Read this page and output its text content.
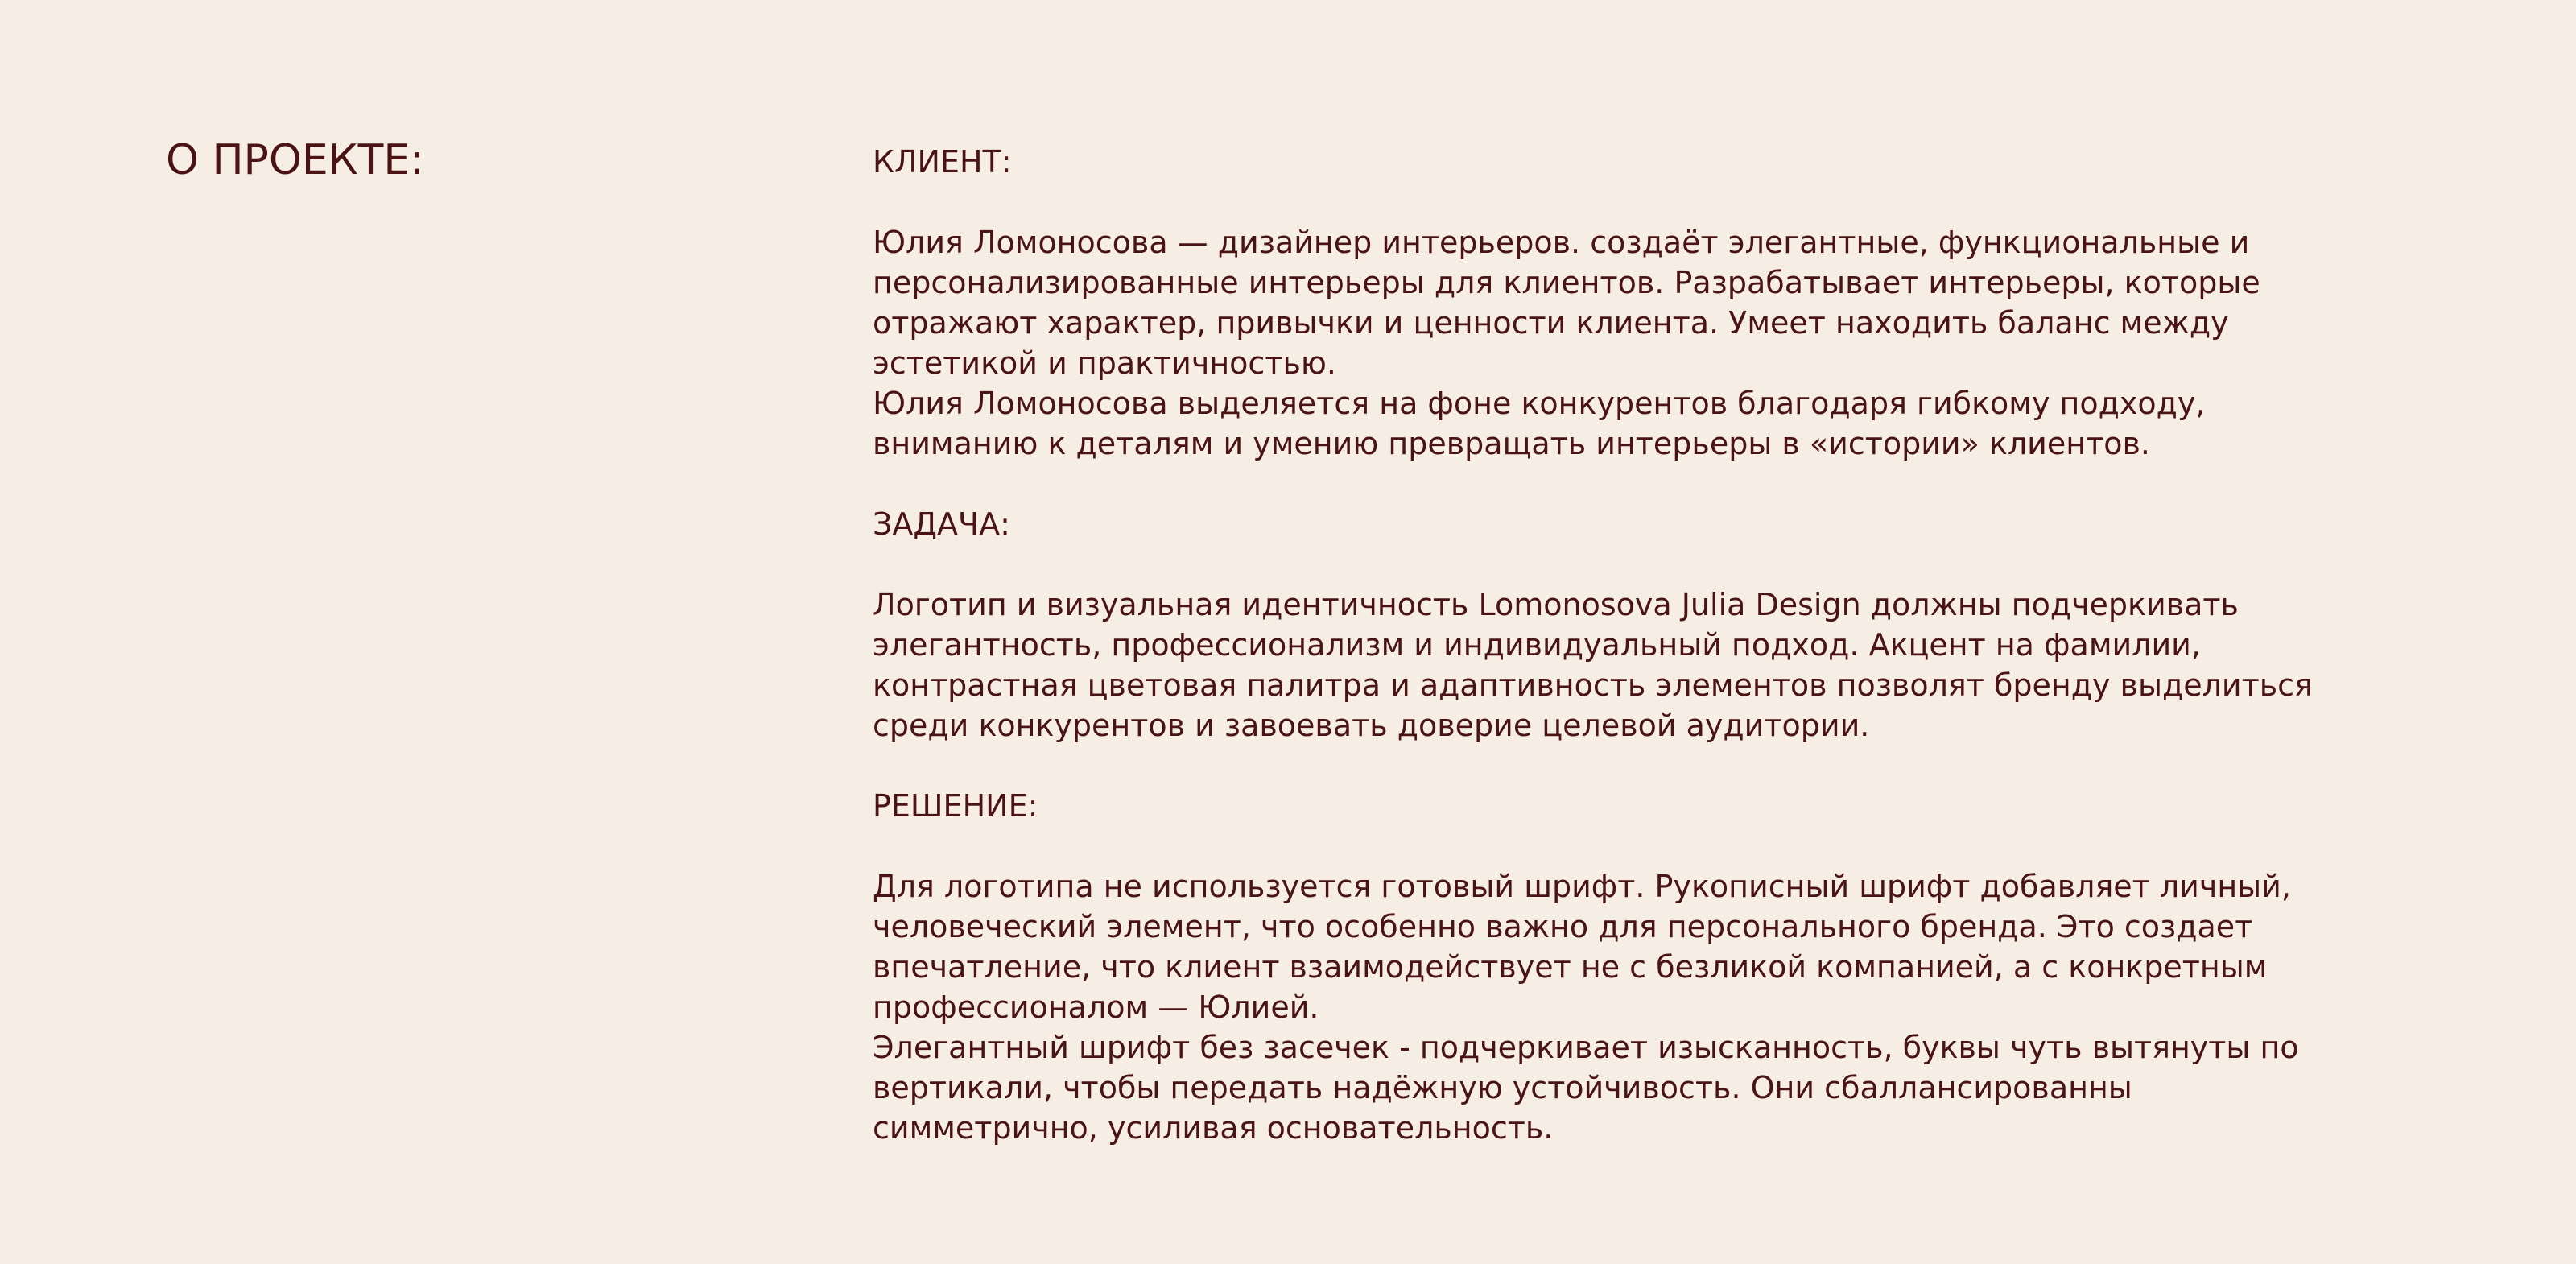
О ПРОЕКТЕ:	КЛИЕНТ:
Юлия Ломоносова — дизайнер интерьеров. создаёт элегантные, функциональные и
персонализированные интерьеры для клиентов. Разрабатывает интерьеры, которые
отражают характер, привычки и ценности клиента. Умеет находить баланс между
эстетикой и практичностью.
Юлия Ломоносова выделяется на фоне конкурентов благодаря гибкому подходу,
вниманию к деталям и умению превращать интерьеры в «истории» клиентов.
ЗАДАЧА:
Логотип и визуальная идентичность Lomonosova Julia Design должны подчеркивать
элегантность, профессионализм и индивидуальный подход. Акцент на фамилии,
контрастная цветовая палитра и адаптивность элементов позволят бренду выделиться
среди конкурентов и завоевать доверие целевой аудитории.
РЕШЕНИЕ:
Для логотипа не используется готовый шрифт. Рукописный шрифт добавляет личный,
человеческий элемент, что особенно важно для персонального бренда. Это создает
впечатление, что клиент взаимодействует не с безликой компанией, а с конкретным
профессионалом — Юлией.
Элегантный шрифт без засечек - подчеркивает изысканность, буквы чуть вытянуты по
вертикали, чтобы передать надёжную устойчивость. Они сбаллансированны
симметрично, усиливая основательность.
